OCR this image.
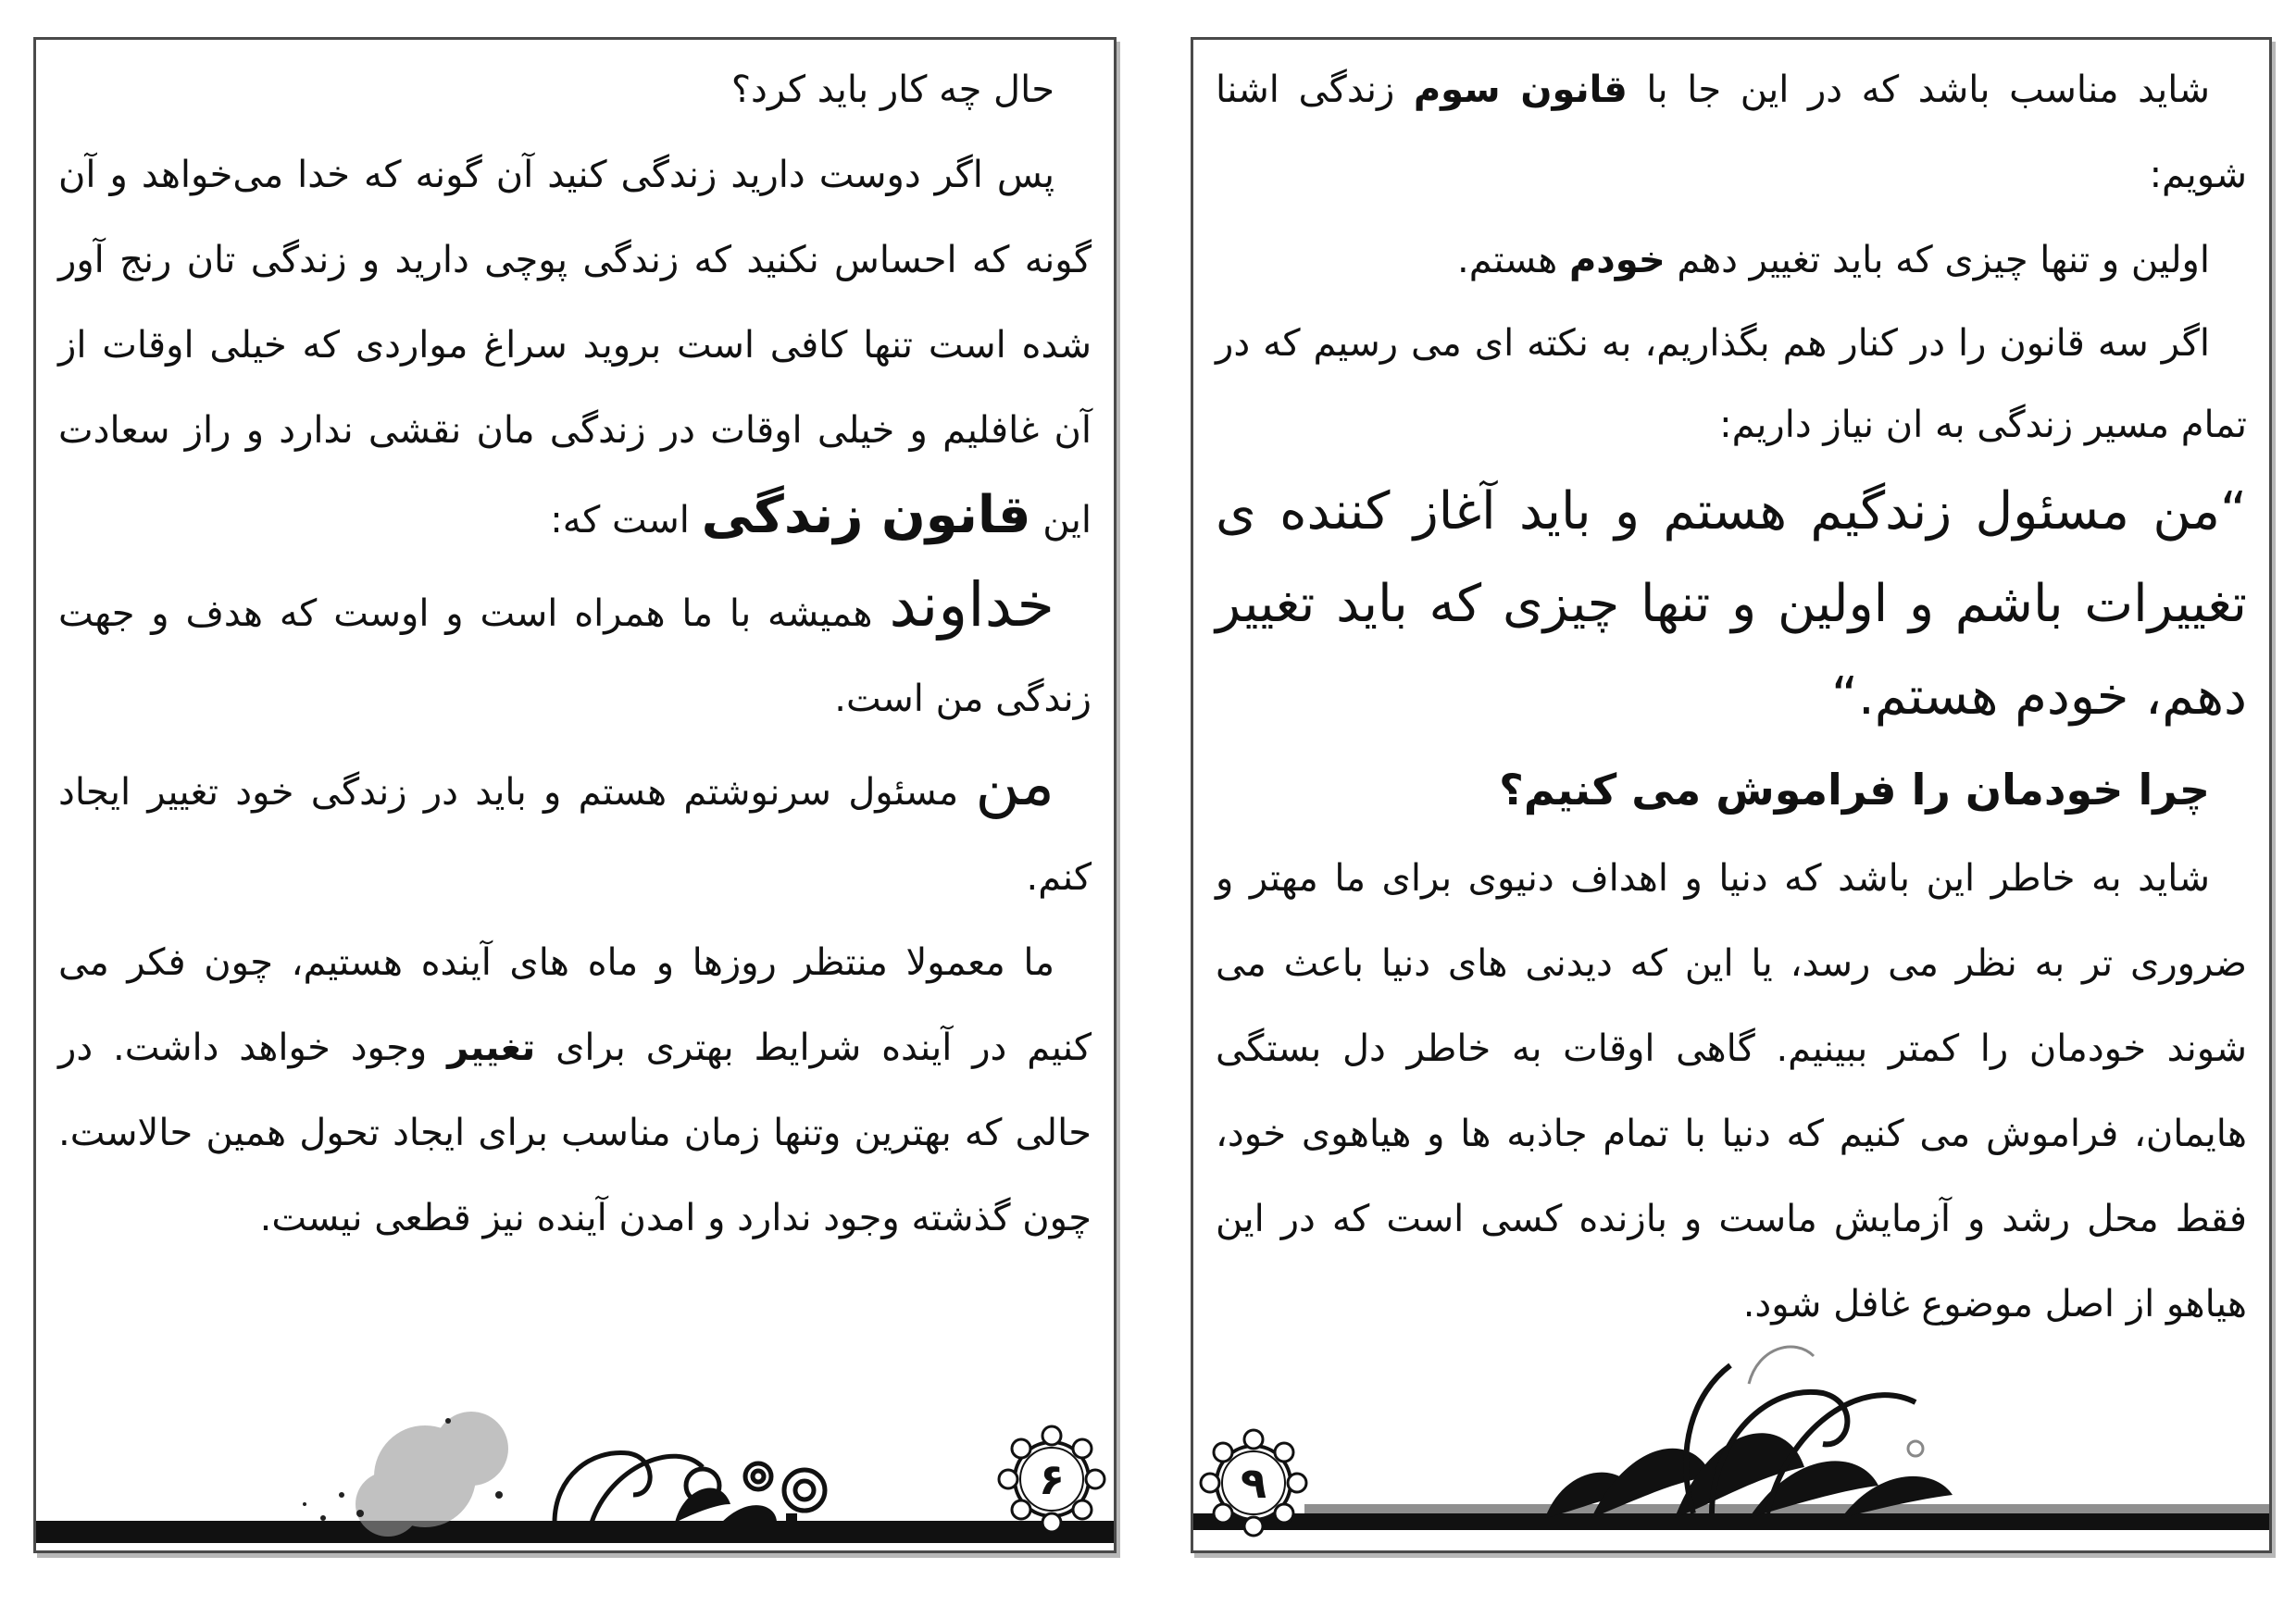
حال چه کار باید کرد؟

پس اگر دوست دارید زندگی کنید آن گونه که خدا می‌خواهد و آن گونه که احساس نکنید که زندگی پوچی دارید و زندگی تان رنج آور شده است تنها کافی است بروید سراغ مواردی که خیلی اوقات از آن غافلیم و خیلی اوقات در زندگی مان نقشی ندارد و راز سعادت این قانون زندگی است که:

خداوند همیشه با ما همراه است و اوست که هدف و جهت زندگی من است.

من مسئول سرنوشتم هستم و باید در زندگی خود تغییر ایجاد کنم.

ما معمولا منتظر روزها و ماه های آینده هستیم، چون فکر می کنیم در آینده شرایط بهتری برای تغییر وجود خواهد داشت. در حالی که بهترین وتنها زمان مناسب برای ایجاد تحول همین حالاست. چون گذشته وجود ندارد و امدن آینده نیز قطعی نیست.

۶

شاید مناسب باشد که در این جا با قانون سوم زندگی اشنا شویم:

اولین و تنها چیزی که باید تغییر دهم خودم هستم.

اگر سه قانون را در کنار هم بگذاریم، به نکته ای می رسیم که در تمام مسیر زندگی به ان نیاز داریم:

“من مسئول زندگیم هستم و باید آغاز کننده ی تغییرات باشم و اولین و تنها چیزی که باید تغییر دهم، خودم هستم.“

چرا خودمان را فراموش می کنیم؟

شاید به خاطر این باشد که دنیا و اهداف دنیوی برای ما مهتر و ضروری تر به نظر می رسد، یا این که دیدنی های دنیا باعث می شوند خودمان را کمتر ببینیم. گاهی اوقات به خاطر دل بستگی هایمان، فراموش می کنیم که دنیا با تمام جاذبه ها و هیاهوی خود، فقط محل رشد و آزمایش ماست و بازنده کسی است که در این هیاهو از اصل موضوع غافل شود.

۹
